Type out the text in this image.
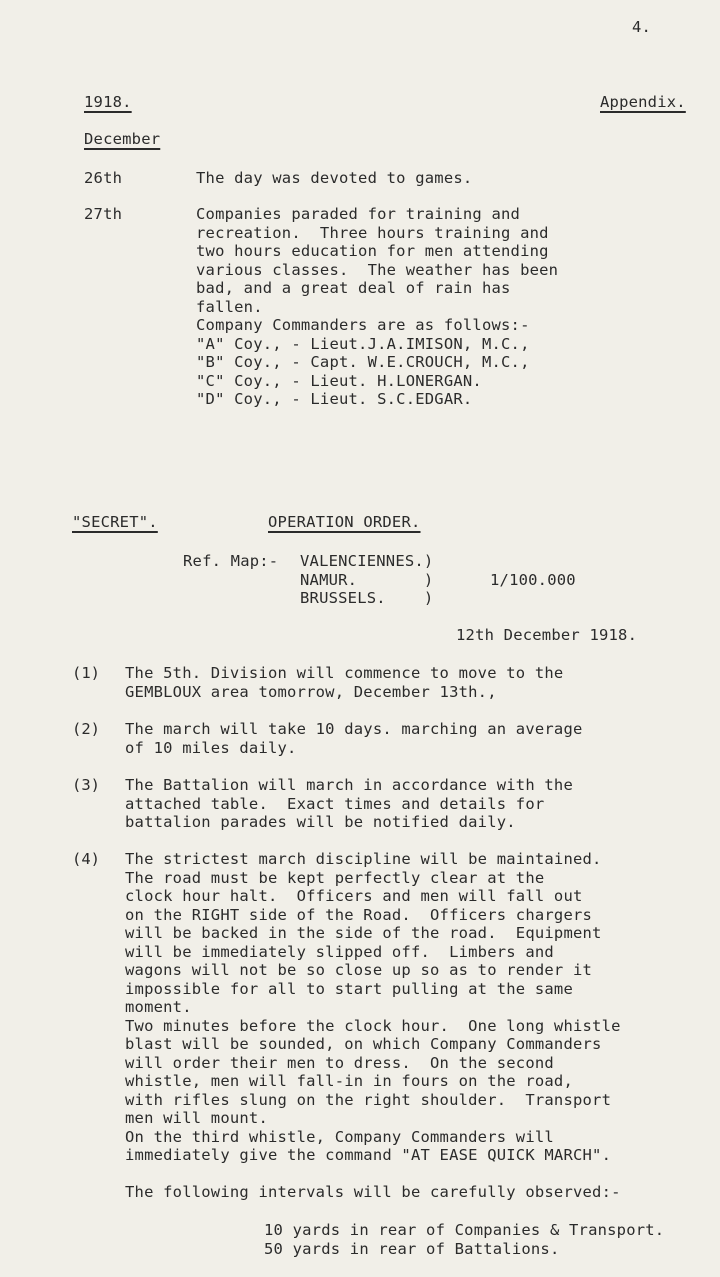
4.
1918.	Appendix.
December
26th	The day was devoted to games.
27th	Companies paraded for training and
recreation.  Three hours training and
two hours education for men attending
various classes.  The weather has been
bad, and a great deal of rain has
fallen.
Company Commanders are as follows:-
"A" Coy., - Lieut.J.A.IMISON, M.C.,
"B" Coy., - Capt. W.E.CROUCH, M.C.,
"C" Coy., - Lieut. H.LONERGAN.
"D" Coy., - Lieut. S.C.EDGAR.
"SECRET".	OPERATION ORDER.
Ref. Map:- VALENCIENNES.)
NAMUR.       )
BRUSSELS.    )
1/100.000
12th December 1918.
(1) The 5th. Division will commence to move to the
GEMBLOUX area tomorrow, December 13th.,
(2) The march will take 10 days. marching an average
of 10 miles daily.
(3) The Battalion will march in accordance with the
attached table.  Exact times and details for
battalion parades will be notified daily.
(4) The strictest march discipline will be maintained.
The road must be kept perfectly clear at the
clock hour halt.  Officers and men will fall out
on the RIGHT side of the Road.  Officers chargers
will be backed in the side of the road.  Equipment
will be immediately slipped off.  Limbers and
wagons will not be so close up so as to render it
impossible for all to start pulling at the same
moment.
Two minutes before the clock hour.  One long whistle
blast will be sounded, on which Company Commanders
will order their men to dress.  On the second
whistle, men will fall-in in fours on the road,
with rifles slung on the right shoulder.  Transport
men will mount.
On the third whistle, Company Commanders will
immediately give the command "AT EASE QUICK MARCH".

The following intervals will be carefully observed:-
10 yards in rear of Companies & Transport.
50 yards in rear of Battalions.
